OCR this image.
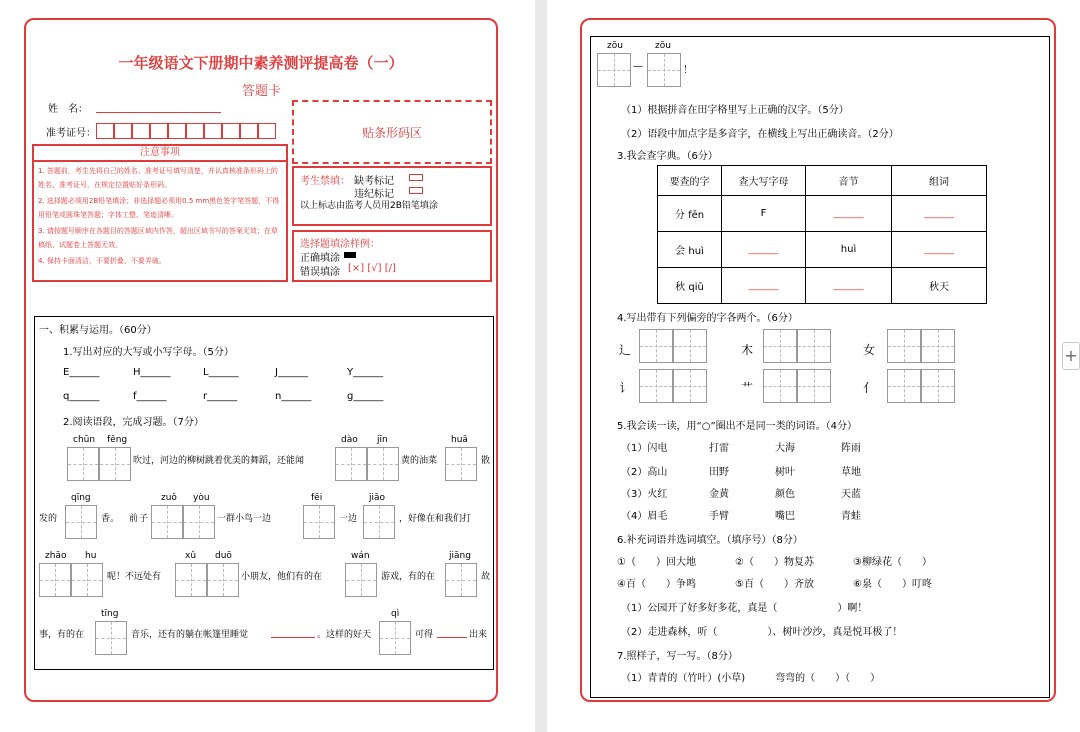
+
一年级语文下册期中素养测评提高卷（一）
答题卡
姓　名：
准考证号：	贴条形码区
注意事项
1. 答题前，考生先将自己的姓名、准考证号填写清楚，并认真核准条形码上的姓名、准考证号，在规定位置贴好条形码。
2. 选择题必须用2B铅笔填涂；非选择题必须用0.5 mm黑色签字笔答题，不得用铅笔或圆珠笔答题；字体工整、笔迹清晰。
3. 请按题号顺序在各题目的答题区域内作答，超出区域书写的答案无效；在草稿纸、试题卷上答题无效。
4. 保持卡面清洁，不要折叠、不要弄破。
考生禁填： 缺考标记
违纪标记
以上标志由监考人员用2B铅笔填涂
选择题填涂样例：
正确填涂
错误填涂 [×] [√] [/]
一、积累与运用。（60分）
1.写出对应的大写或小写字母。（5分）
E______	H______	L______	J______	Y______
q______	f______	r______	n______	g______
2.阅读语段，完成习题。（7分）
chūn fēng
吹过，河边的柳树跳着优美的舞蹈，还能闻
dào jīn
黄的油菜
huā
散
发的
qīng
香。 前 子
zuǒ yòu
一群小鸟一边
fēi
一边
jiāo
，好像在和我们打
zhāo hu
呢！不远处有
xǔ duō
小朋友，他们有的在
wán
游戏，有的在
jiāng
故
事，有的在
tīng
音乐，还有的躺在帐篷里睡觉	。这样的好天
qì
可得	出来
zōu	zōu
—	！
（1）根据拼音在田字格里写上正确的汉字。（5分）
（2）语段中加点字是多音字，在横线上写出正确读音。（2分）
3.我会查字典。（6分）
要查的字	查大写字母	音节	组词
分 fēn	F	______	______
会 huì	______	huì	______
秋 qiū	______	______	秋天
4.写出带有下列偏旁的字各两个。（6分）
辶	木	女
讠	艹	亻
5.我会读一读，用“○”圈出不是同一类的词语。（4分）
（1）闪电	打雷	大海	阵雨
（2）高山	田野	树叶	草地
（3）火红	金黄	颜色	天蓝
（4）眉毛	手臂	嘴巴	青蛙
6.补充词语并选词填空。（填序号）（8分）
①（　　）回大地	②（　　）物复苏	③柳绿花（　　）
④百（　　）争鸣	⑤百（　　）齐放	⑥泉（　　）叮咚
（1）公园开了好多好多花，真是（　　　　　　）啊！
（2）走进森林，听（　　　　　）、树叶沙沙，真是悦耳极了！
7.照样子，写一写。（8分）
（1）青青的（竹叶）(小草)　　　弯弯的（　　）（　　）
